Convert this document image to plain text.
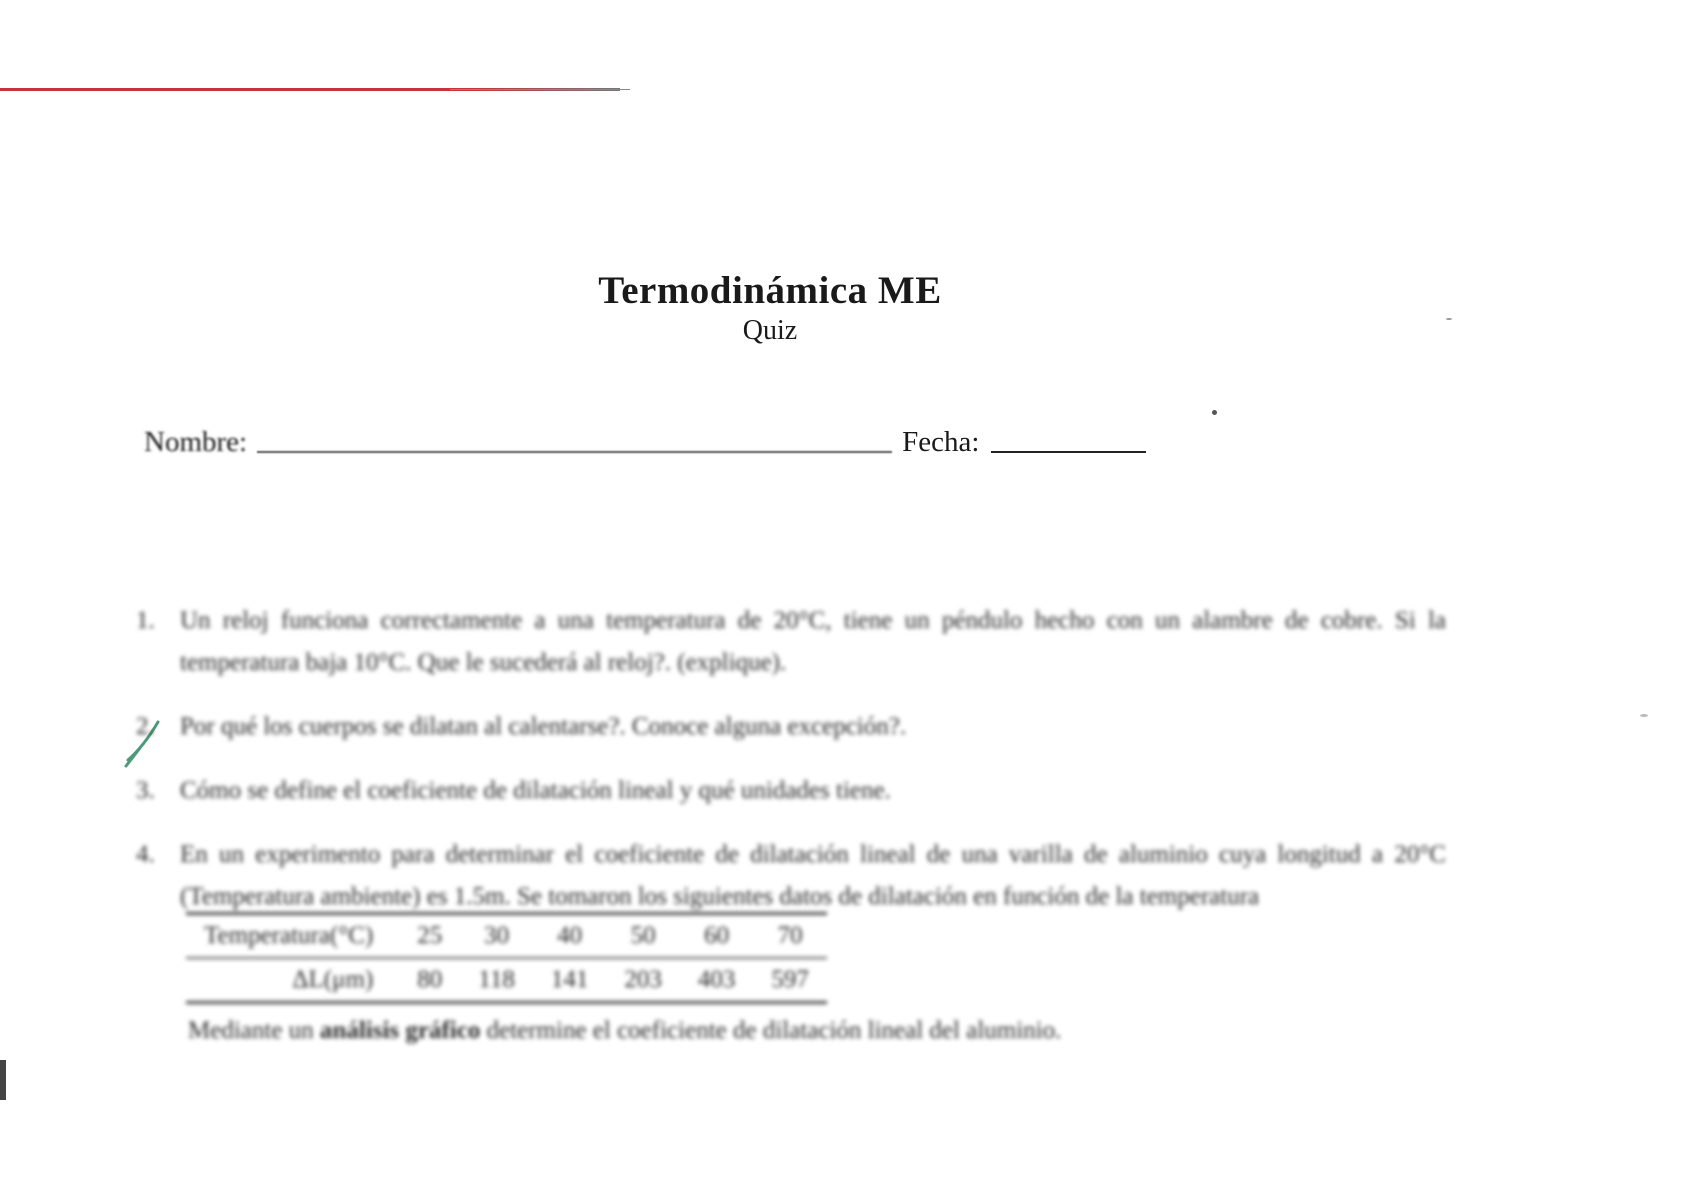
Termodinámica ME
Quiz
Nombre:	Fecha:
1.	Un reloj funciona correctamente a una temperatura de 20°C, tiene un péndulo hecho con un alambre de cobre. Si la temperatura baja 10°C. Que le sucederá al reloj?. (explique).
2.	Por qué los cuerpos se dilatan al calentarse?. Conoce alguna excepción?.
3.	Cómo se define el coeficiente de dilatación lineal y qué unidades tiene.
4.	En un experimento para determinar el coeficiente de dilatación lineal de una varilla de aluminio cuya longitud a 20°C (Temperatura ambiente) es 1.5m. Se tomaron los siguientes datos de dilatación en función de la temperatura
Temperatura(°C)	25	30	40	50	60	70
ΔL(μm)	80	118	141	203	403	597
Mediante un análisis gráfico determine el coeficiente de dilatación lineal del aluminio.
